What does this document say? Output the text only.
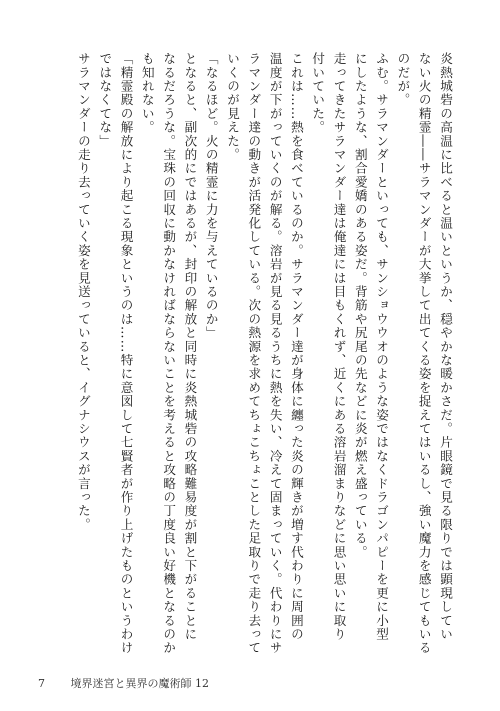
炎熱城砦の高温に比べると温いというか、穏やかな暖かさだ。片眼鏡で見る限りでは顕現してい
ない火の精霊――サラマンダーが大挙して出てくる姿を捉えてはいるし、強い魔力を感じてもいる
のだが。
ふむ。サラマンダーといっても、サンショウウオのような姿ではなくドラゴンパピーを更に小型
にしたような、割合愛嬌のある姿だ。背筋や尻尾の先などに炎が燃え盛っている。
走ってきたサラマンダー達は俺達には目もくれず、近くにある溶岩溜まりなどに思い思いに取り
付いていた。
これは……熱を食べているのか。サラマンダー達が身体に纏った炎の輝きが増す代わりに周囲の
温度が下がっていくのが解る。溶岩が見る見るうちに熱を失い、冷えて固まっていく。代わりにサ
ラマンダー達の動きが活発化している。次の熱源を求めてちょこちょことした足取りで走り去って
いくのが見えた。
「なるほど。火の精霊に力を与えているのか」
となると、副次的にではあるが、封印の解放と同時に炎熱城砦の攻略難易度が割と下がることに
なるだろうな。宝珠の回収に動かなければならないことを考えると攻略の丁度良い好機となるのか
も知れない。
「精霊殿の解放により起こる現象というのは……特に意図して七賢者が作り上げたものというわけ
ではなくてな」
サラマンダーの走り去っていく姿を見送っていると、イグナシウスが言った。
7 境界迷宮と異界の魔術師 12
